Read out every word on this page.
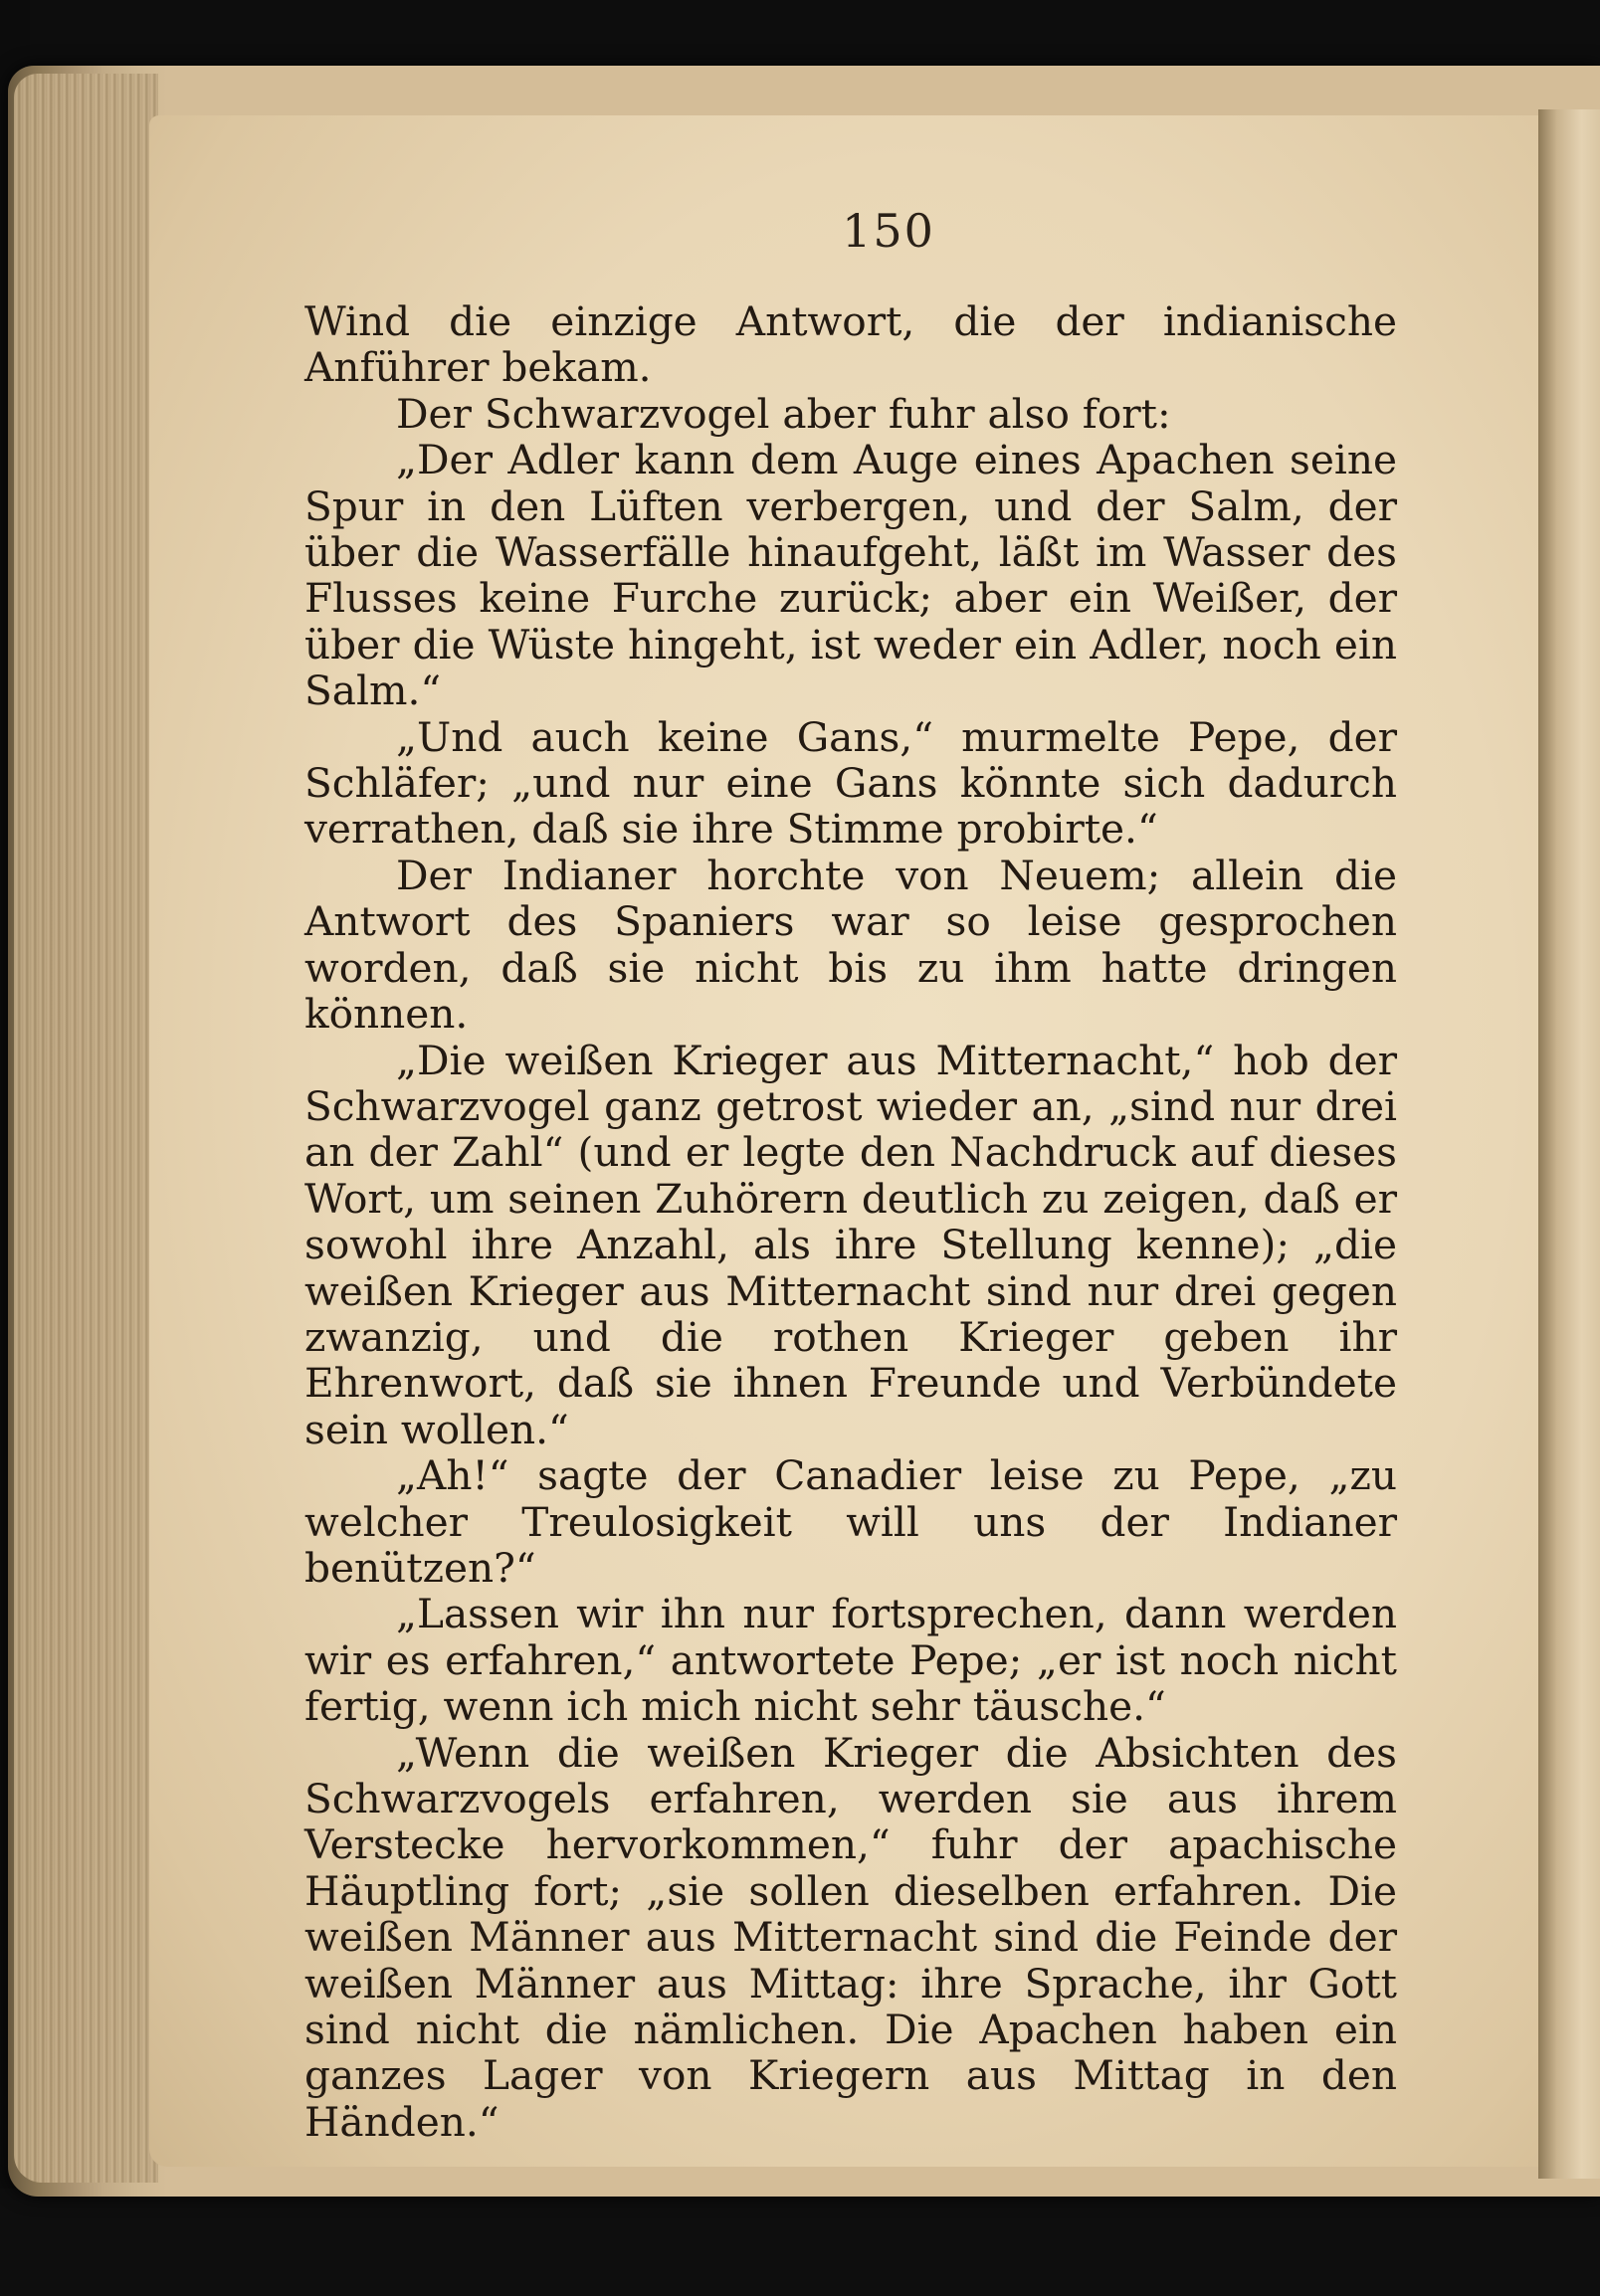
150

Wind die einzige Antwort, die der indianische Anführer bekam.

Der Schwarzvogel aber fuhr also fort:

„Der Adler kann dem Auge eines Apachen seine Spur in den Lüften verbergen, und der Salm, der über die Wasserfälle hinaufgeht, läßt im Wasser des Flusses keine Furche zurück; aber ein Weißer, der über die Wüste hingeht, ist weder ein Adler, noch ein Salm.“

„Und auch keine Gans,“ murmelte Pepe, der Schläfer; „und nur eine Gans könnte sich dadurch verrathen, daß sie ihre Stimme probirte.“

Der Indianer horchte von Neuem; allein die Antwort des Spaniers war so leise gesprochen worden, daß sie nicht bis zu ihm hatte dringen können.

„Die weißen Krieger aus Mitternacht,“ hob der Schwarzvogel ganz getrost wieder an, „sind nur drei an der Zahl“ (und er legte den Nachdruck auf dieses Wort, um seinen Zuhörern deutlich zu zeigen, daß er sowohl ihre Anzahl, als ihre Stellung kenne); „die weißen Krieger aus Mitternacht sind nur drei gegen zwanzig, und die rothen Krieger geben ihr Ehrenwort, daß sie ihnen Freunde und Verbündete sein wollen.“

„Ah!“ sagte der Canadier leise zu Pepe, „zu welcher Treulosigkeit will uns der Indianer benützen?“

„Lassen wir ihn nur fortsprechen, dann werden wir es erfahren,“ antwortete Pepe; „er ist noch nicht fertig, wenn ich mich nicht sehr täusche.“

„Wenn die weißen Krieger die Absichten des Schwarzvogels erfahren, werden sie aus ihrem Verstecke hervorkommen,“ fuhr der apachische Häuptling fort; „sie sollen dieselben erfahren. Die weißen Männer aus Mitternacht sind die Feinde der weißen Männer aus Mittag: ihre Sprache, ihr Gott sind nicht die nämlichen. Die Apachen haben ein ganzes Lager von Kriegern aus Mittag in den Händen.“
